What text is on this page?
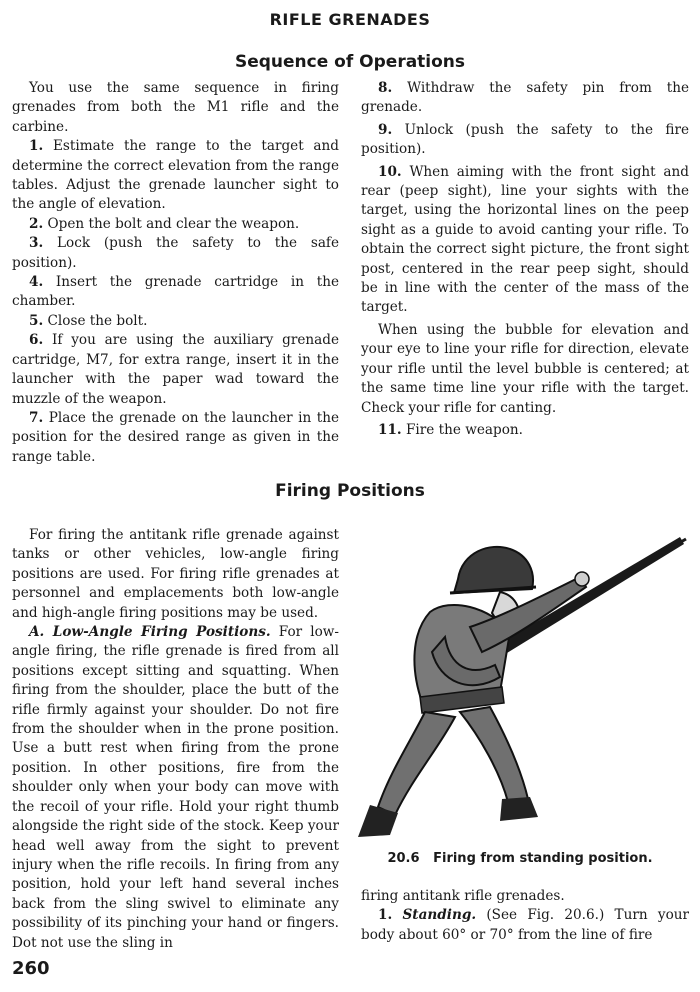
RIFLE GRENADES
Sequence of Operations

You use the same sequence in firing grenades from both the M1 rifle and the carbine.

1. Estimate the range to the target and determine the correct elevation from the range tables. Adjust the grenade launcher sight to the angle of elevation.

2. Open the bolt and clear the weapon.

3. Lock (push the safety to the safe position).

4. Insert the grenade cartridge in the chamber.

5. Close the bolt.

6. If you are using the auxiliary grenade cartridge, M7, for extra range, insert it in the launcher with the paper wad toward the muzzle of the weapon.

7. Place the grenade on the launcher in the position for the desired range as given in the range table.

8. Withdraw the safety pin from the grenade.

9. Unlock (push the safety to the fire position).

10. When aiming with the front sight and rear (peep sight), line your sights with the target, using the horizontal lines on the peep sight as a guide to avoid canting your rifle. To obtain the correct sight picture, the front sight post, centered in the rear peep sight, should be in line with the center of the mass of the target.

When using the bubble for elevation and your eye to line your rifle for direction, elevate your rifle until the level bubble is centered; at the same time line your rifle with the target. Check your rifle for canting.

11. Fire the weapon.

Firing Positions

For firing the antitank rifle grenade against tanks or other vehicles, low-angle firing positions are used. For firing rifle grenades at personnel and emplacements both low-angle and high-angle firing positions may be used.

A. Low-Angle Firing Positions. For low-angle firing, the rifle grenade is fired from all positions except sitting and squatting. When firing from the shoulder, place the butt of the rifle firmly against your shoulder. Do not fire from the shoulder when in the prone position. Use a butt rest when firing from the prone position. In other positions, fire from the shoulder only when your body can move with the recoil of your rifle. Hold your right thumb alongside the right side of the stock. Keep your head well away from the sight to prevent injury when the rifle recoils. In firing from any position, hold your left hand several inches back from the sling swivel to eliminate any possibility of its pinching your hand or fingers. Dot not use the sling in

20.6   Firing from standing position.

firing antitank rifle grenades.

1. Standing. (See Fig. 20.6.) Turn your body about 60° or 70° from the line of fire

260
